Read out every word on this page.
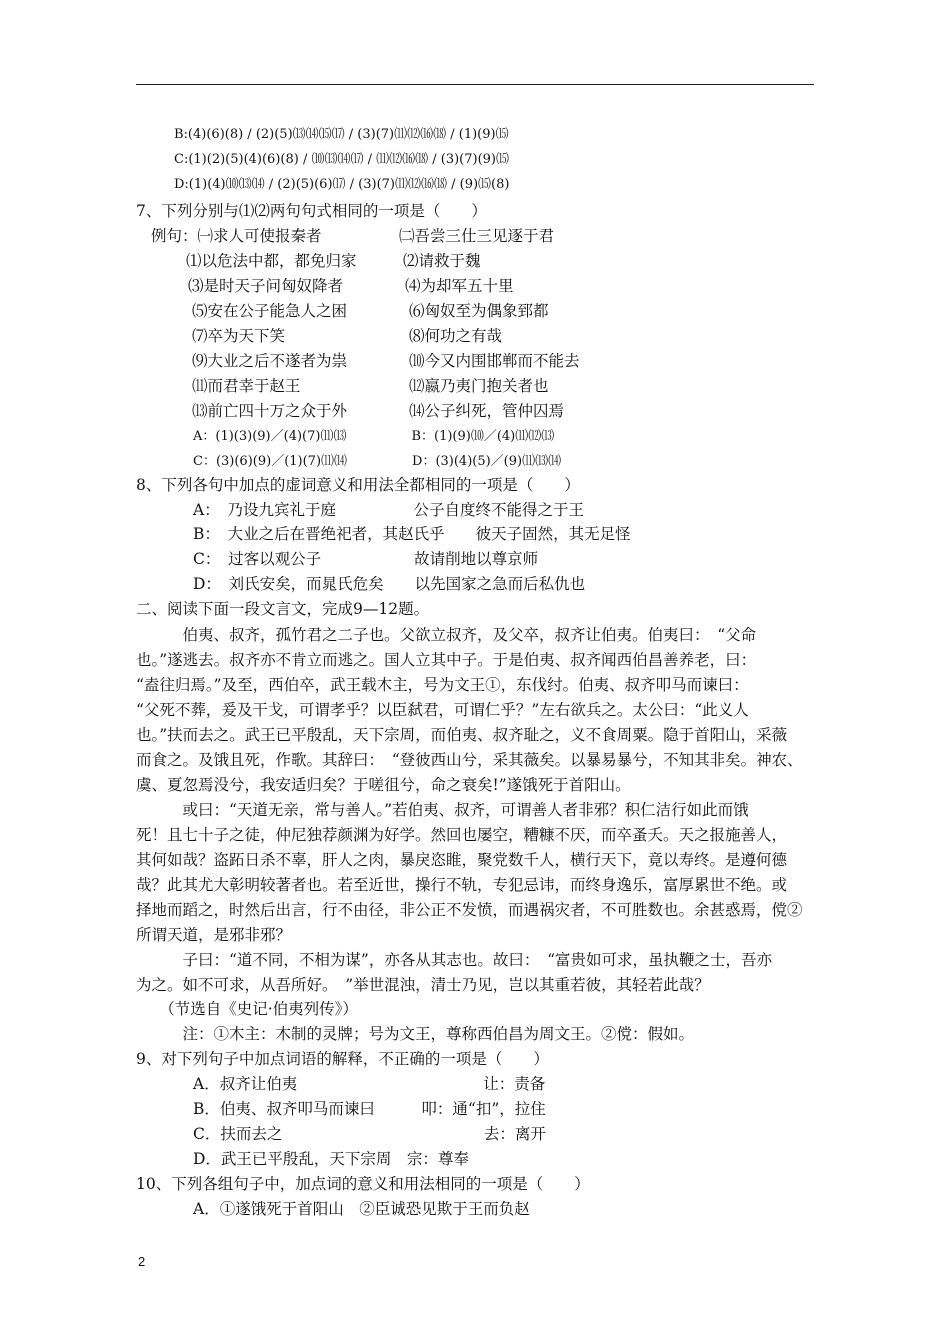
B:(4)(6)(8) / (2)(5)⒀⒁⒂⒄ / (3)(7)⑾⑿⒃⒅ / (1)(9)⒂
C:(1)(2)(5)(4)(6)(8) / ⑽⒀⒁⒄ / ⑾⑿⒃⒅ / (3)(7)(9)⒂
D:(1)(4)⑽⒀⒁ / (2)(5)(6)⒄ / (3)(7)⑾⑿⒃⒅ / (9)⒂(8)
7、下列分别与⑴⑵两句句式相同的一项是（　　）
例句：㈠求人可使报秦者　　　　　㈡吾尝三仕三见逐于君
⑴以危法中都，都免归家　　　⑵请救于魏
⑶是时天子问匈奴降者　　　　⑷为却军五十里
⑸安在公子能急人之困　　　　⑹匈奴至为偶象郅都
⑺卒为天下笑　　　　　　　　⑻何功之有哉
⑼大业之后不遂者为祟　　　　⑽今又内围邯郸而不能去
⑾而君幸于赵王　　　　　　　⑿嬴乃夷门抱关者也
⒀前亡四十万之众于外　　　　⒁公子纠死，管仲囚焉
A：(1)(3)(9)／(4)(7)⑾⒀　　　　　B：(1)(9)⑽／(4)⑾⑿⒀
C：(3)(6)(9)／(1)(7)⑾⒁　　　　　D：(3)(4)(5)／(9)⑾⒀⒁
8、下列各句中加点的虚词意义和用法全都相同的一项是（　　）
A：　乃设九宾礼于庭　　　　　公子自度终不能得之于王
B：　大业之后在晋绝祀者，其赵氏乎　　彼天子固然，其无足怪
C：　过客以观公子　　　　　　故请削地以尊京师
D：　刘氏安矣，而晁氏危矣　　以先国家之急而后私仇也
二、阅读下面一段文言文，完成9—12题。
　　　伯夷、叔齐，孤竹君之二子也。父欲立叔齐，及父卒，叔齐让伯夷。伯夷曰：　“父命
也。”遂逃去。叔齐亦不肯立而逃之。国人立其中子。于是伯夷、叔齐闻西伯昌善养老，曰：
“盍往归焉。”及至，西伯卒，武王载木主，号为文王①，东伐纣。伯夷、叔齐叩马而谏曰：
“父死不葬，爰及干戈，可谓孝乎？以臣弑君，可谓仁乎？”左右欲兵之。太公曰：“此义人
也。”扶而去之。武王已平殷乱，天下宗周，而伯夷、叔齐耻之，义不食周粟。隐于首阳山，采薇
而食之。及饿且死，作歌。其辞曰：　“登彼西山兮，采其薇矣。以暴易暴兮，不知其非矣。神农、
虞、夏忽焉没兮，我安适归矣？于嗟徂兮，命之衰矣!”遂饿死于首阳山。
　　　或曰：“天道无亲，常与善人。”若伯夷、叔齐，可谓善人者非邪？积仁洁行如此而饿
死！且七十子之徒，仲尼独荐颜渊为好学。然回也屡空，糟糠不厌，而卒蚤夭。天之报施善人，
其何如哉？盗跖日杀不辜，肝人之肉，暴戾恣睢，聚党数千人，横行天下，竟以寿终。是遵何德
哉？此其尤大彰明较著者也。若至近世，操行不轨，专犯忌讳，而终身逸乐，富厚累世不绝。或
择地而蹈之，时然后出言，行不由径，非公正不发愤，而遇祸灾者，不可胜数也。余甚惑焉，傥②
所谓天道，是邪非邪？
　　　子曰：“道不同，不相为谋”，亦各从其志也。故曰：　“富贵如可求，虽执鞭之士，吾亦
为之。如不可求，从吾所好。　”举世混浊，清士乃见，岂以其重若彼，其轻若此哉？
　　（节选自《史记·伯夷列传》）
　　　注：①木主：木制的灵牌；号为文王，尊称西伯昌为周文王。②傥：假如。
9、对下列句子中加点词语的解释，不正确的一项是（　　）
A．叔齐让伯夷　　　　　　　　　　　　让：责备
B．伯夷、叔齐叩马而谏曰　　　叩：通“扣”，拉住
C．扶而去之　　　　　　　　　　　　　去：离开
D．武王已平殷乱，天下宗周　宗：尊奉
10、下列各组句子中，加点词的意义和用法相同的一项是（　　）
A．①遂饿死于首阳山　②臣诚恐见欺于王而负赵
2
